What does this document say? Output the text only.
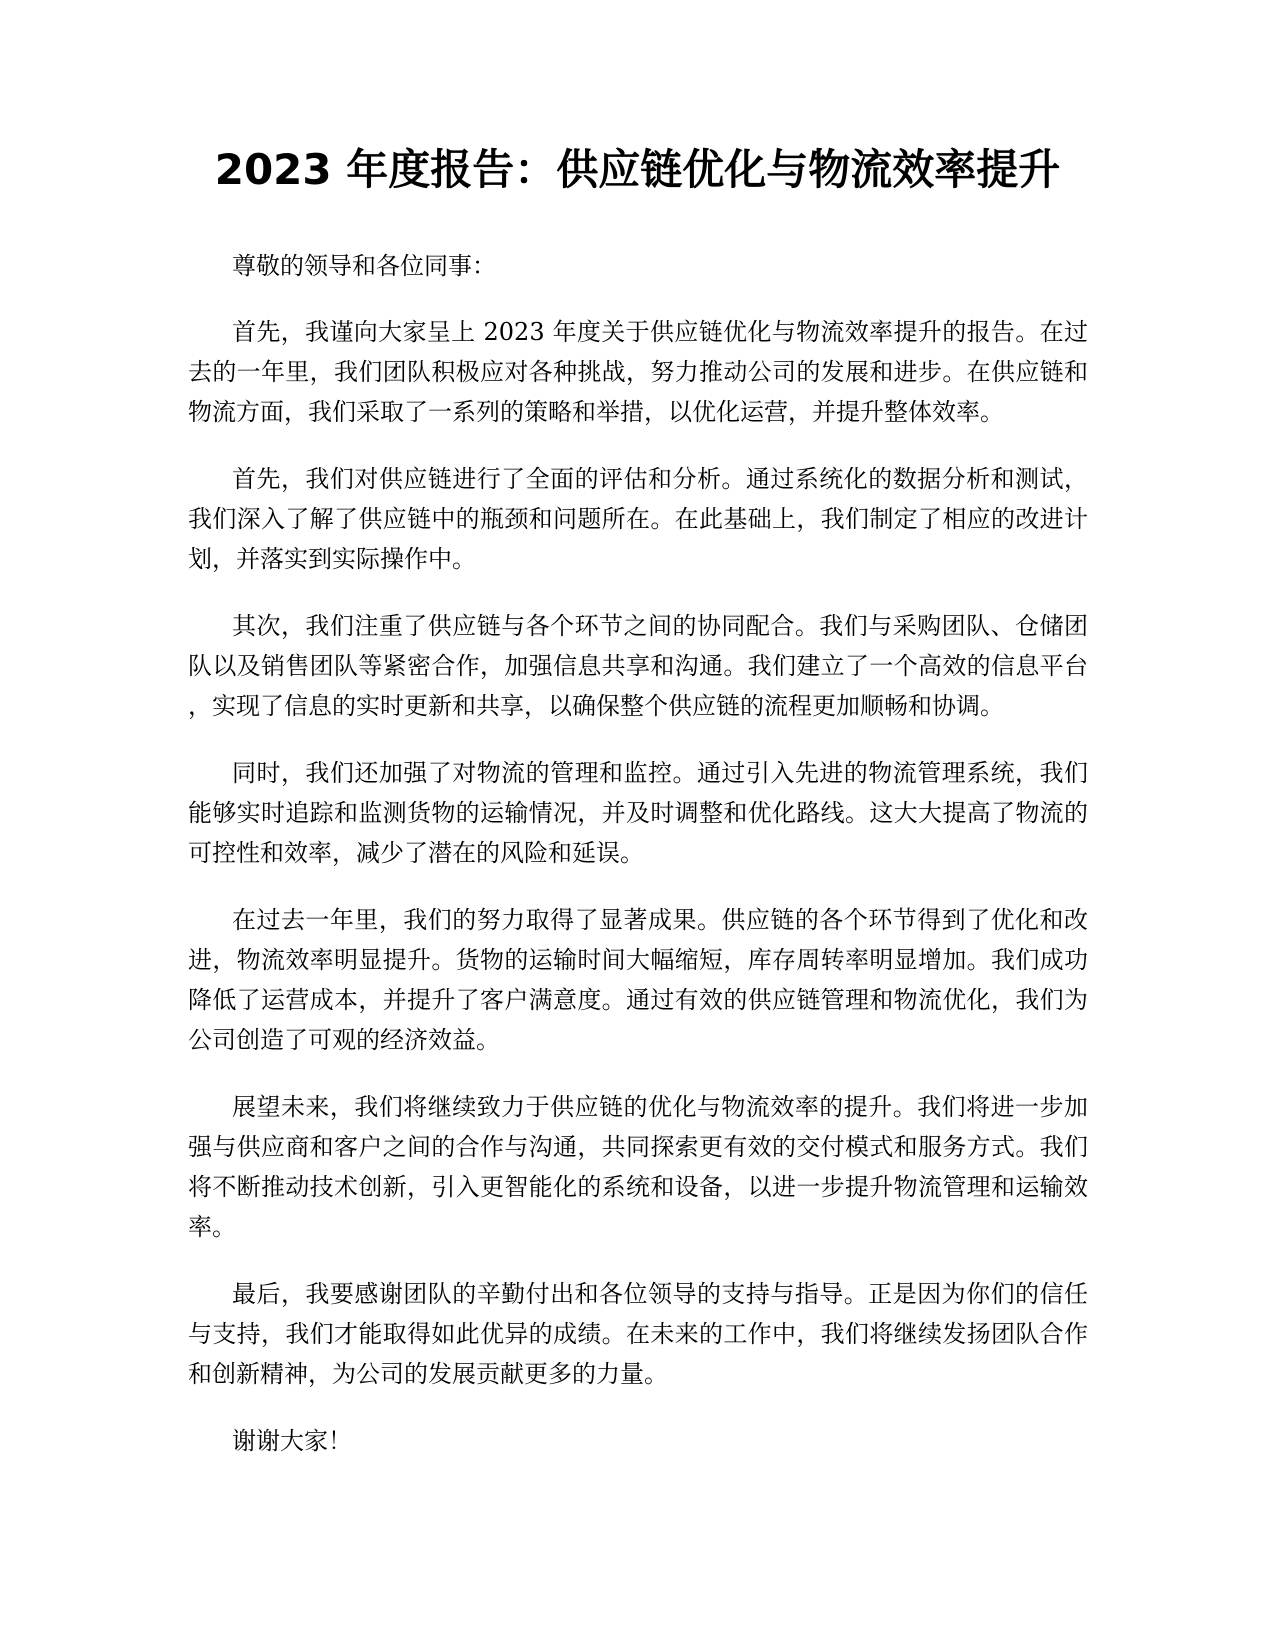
2023 年度报告：供应链优化与物流效率提升

尊敬的领导和各位同事：

首先，我谨向大家呈上 2023 年度关于供应链优化与物流效率提升的报告。在过去的一年里，我们团队积极应对各种挑战，努力推动公司的发展和进步。在供应链和物流方面，我们采取了一系列的策略和举措，以优化运营，并提升整体效率。

首先，我们对供应链进行了全面的评估和分析。通过系统化的数据分析和测试，我们深入了解了供应链中的瓶颈和问题所在。在此基础上，我们制定了相应的改进计划，并落实到实际操作中。

其次，我们注重了供应链与各个环节之间的协同配合。我们与采购团队、仓储团队以及销售团队等紧密合作，加强信息共享和沟通。我们建立了一个高效的信息平台，实现了信息的实时更新和共享，以确保整个供应链的流程更加顺畅和协调。

同时，我们还加强了对物流的管理和监控。通过引入先进的物流管理系统，我们能够实时追踪和监测货物的运输情况，并及时调整和优化路线。这大大提高了物流的可控性和效率，减少了潜在的风险和延误。

在过去一年里，我们的努力取得了显著成果。供应链的各个环节得到了优化和改进，物流效率明显提升。货物的运输时间大幅缩短，库存周转率明显增加。我们成功降低了运营成本，并提升了客户满意度。通过有效的供应链管理和物流优化，我们为公司创造了可观的经济效益。

展望未来，我们将继续致力于供应链的优化与物流效率的提升。我们将进一步加强与供应商和客户之间的合作与沟通，共同探索更有效的交付模式和服务方式。我们将不断推动技术创新，引入更智能化的系统和设备，以进一步提升物流管理和运输效率。

最后，我要感谢团队的辛勤付出和各位领导的支持与指导。正是因为你们的信任与支持，我们才能取得如此优异的成绩。在未来的工作中，我们将继续发扬团队合作和创新精神，为公司的发展贡献更多的力量。

谢谢大家！
